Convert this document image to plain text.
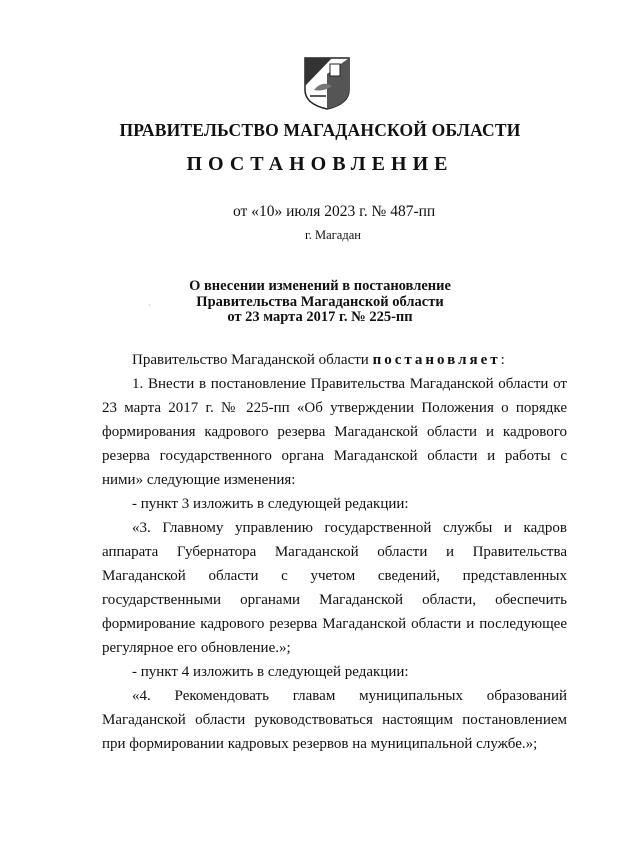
ПРАВИТЕЛЬСТВО МАГАДАНСКОЙ ОБЛАСТИ
ПОСТАНОВЛЕНИЕ
от «10» июля 2023 г. № 487-пп
г. Магадан
О внесении изменений в постановление
Правительства Магаданской области
от 23 марта 2017 г. № 225-пп
·

Правительство Магаданской области постановляет:

1. Внести в постановление Правительства Магаданской области от 23 марта 2017 г. № 225-пп «Об утверждении Положения о порядке формирования кадрового резерва Магаданской области и кадрового резерва государственного органа Магаданской области и работы с ними» следующие изменения:

- пункт 3 изложить в следующей редакции:

«3. Главному управлению государственной службы и кадров аппарата Губернатора Магаданской области и Правительства Магаданской области с учетом сведений, представленных государственными органами Магаданской области, обеспечить формирование кадрового резерва Магаданской области и последующее регулярное его обновление.»;

- пункт 4 изложить в следующей редакции:

«4. Рекомендовать главам муниципальных образований Магаданской области руководствоваться настоящим постановлением при формировании кадровых резервов на муниципальной службе.»;
